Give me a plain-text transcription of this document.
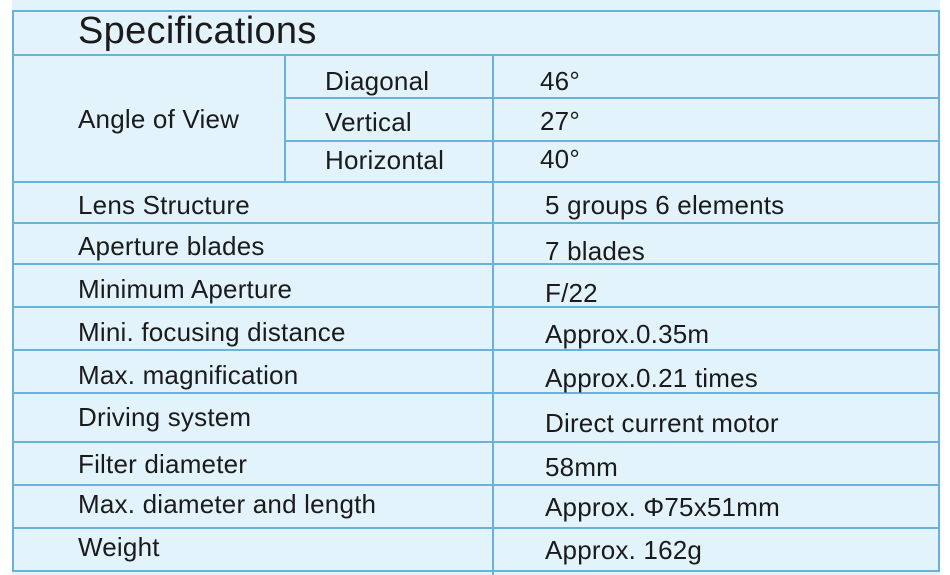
Specifications
Angle of View
Diagonal	46°
Vertical	27°
Horizontal	40°
Lens Structure	5 groups 6 elements
Aperture blades	7 blades
Minimum Aperture	F/22
Mini. focusing distance	Approx.0.35m
Max. magnification	Approx.0.21 times
Driving system	Direct current motor
Filter diameter	58mm
Max. diameter and length	Approx. Φ75x51mm
Weight	Approx. 162g
